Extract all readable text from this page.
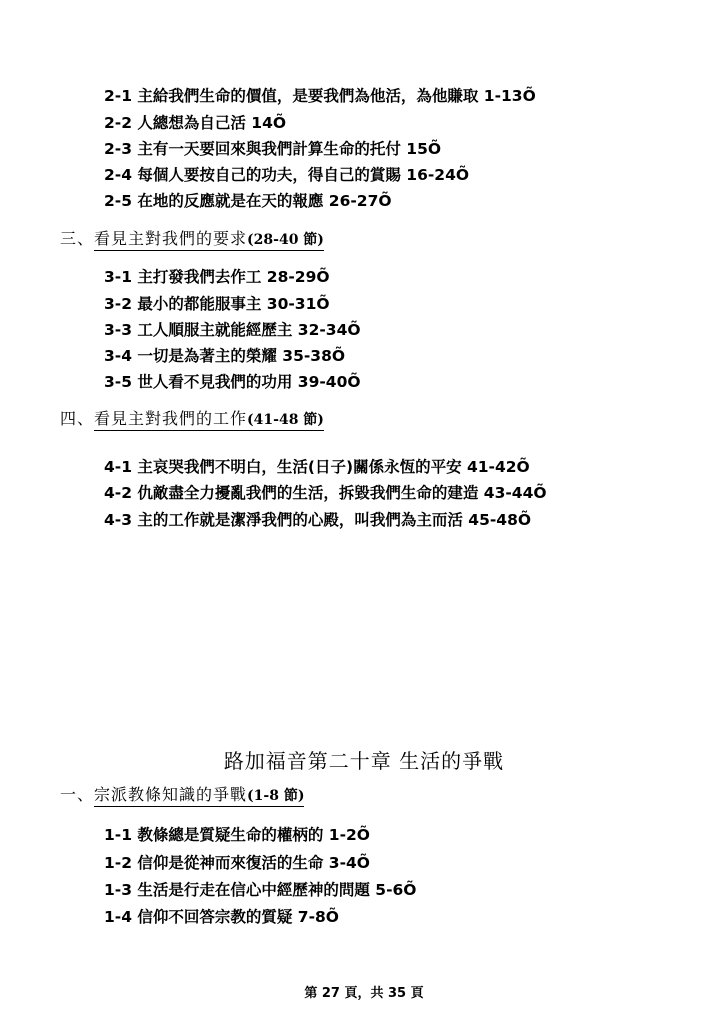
2-1 主給我們生命的價值，是要我們為他活，為他賺取 1-13Õ
2-2 人總想為自己活 14Õ
2-3 主有一天要回來與我們計算生命的托付 15Õ
2-4 每個人要按自己的功夫，得自己的賞賜 16-24Õ
2-5 在地的反應就是在天的報應 26-27Õ
三、看見主對我們的要求(28-40 節)
3-1 主打發我們去作工 28-29Õ
3-2 最小的都能服事主 30-31Õ
3-3 工人順服主就能經歷主 32-34Õ
3-4 一切是為著主的榮耀 35-38Õ
3-5 世人看不見我們的功用 39-40Õ
四、看見主對我們的工作(41-48 節)
4-1 主哀哭我們不明白，生活(日子)關係永恆的平安 41-42Õ
4-2 仇敵盡全力擾亂我們的生活，拆毀我們生命的建造 43-44Õ
4-3 主的工作就是潔淨我們的心殿，叫我們為主而活 45-48Õ
路加福音第二十章 生活的爭戰
一、宗派教條知識的爭戰(1-8 節)
1-1 教條總是質疑生命的權柄的 1-2Õ
1-2 信仰是從神而來復活的生命 3-4Õ
1-3 生活是行走在信心中經歷神的問題 5-6Õ
1-4 信仰不回答宗教的質疑 7-8Õ
第 27 頁，共 35 頁
